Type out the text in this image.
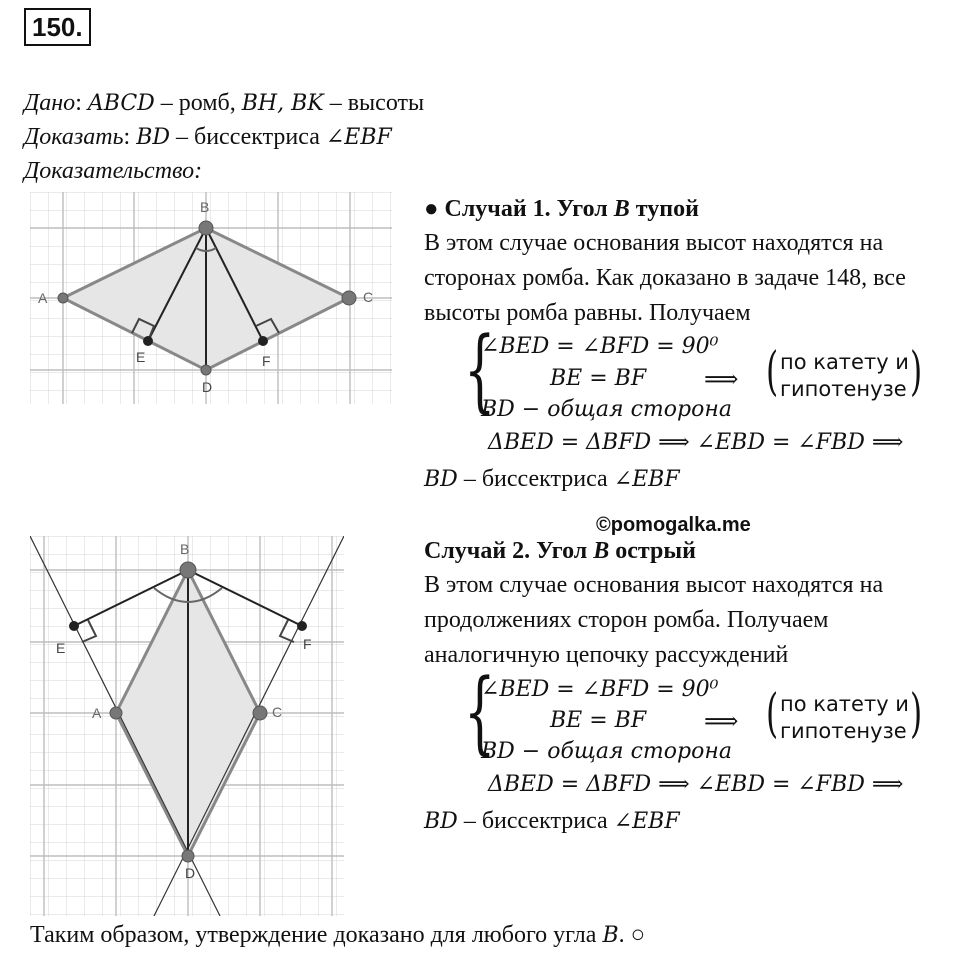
150.
Дано: ABCD – ромб, BH, BK – высоты
Доказать: BD – биссектриса ∠EBF
Доказательство:
A
B
C
D
E	F
● Случай 1. Угол B тупой
В этом случае основания высот находятся на
сторонах ромба. Как доказано в задаче 148, все
высоты ромба равны. Получаем
{
∠BED = ∠BFD = 90⁰
BE = BF
BD − общая сторона
⟹ ( по катету и
гипотенузе )
ΔBED = ΔBFD ⟹ ∠EBD = ∠FBD ⟹
BD – биссектриса ∠EBF
©pomogalka.me
A
B
C
D
E	F
Случай 2. Угол B острый
В этом случае основания высот находятся на
продолжениях сторон ромба. Получаем
аналогичную цепочку рассуждений
{
∠BED = ∠BFD = 90⁰
BE = BF
BD − общая сторона
⟹ ( по катету и
гипотенузе )
ΔBED = ΔBFD ⟹ ∠EBD = ∠FBD ⟹
BD – биссектриса ∠EBF
Таким образом, утверждение доказано для любого угла B. ○
